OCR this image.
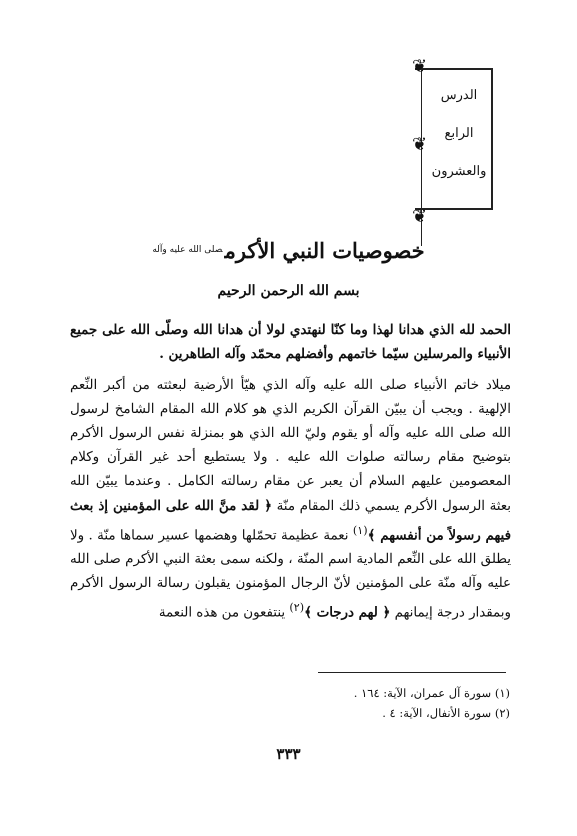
❦
❦
❦
الدرس
الرابع
والعشرون
خصوصيات النبي الأكرم$^{صلى الله عليه وآله}$
بسم الله الرحمن الرحيم

الحمد لله الذي هدانا لهذا وما كنّا لنهتدي لولا أن هدانا الله وصلّى الله على جميع الأنبياء والمرسلين سيّما خاتمهم وأفضلهم محمّد وآله الطاهرين .

ميلاد خاتم الأنبياء صلى الله عليه وآله الذي هيّأ الأرضية لبعثته من أكبر النِّعم الإلهية . ويجب أن يبيّن القرآن الكريم الذي هو كلام الله المقام الشامخ لرسول الله صلى الله عليه وآله أو يقوم وليّ الله الذي هو بمنزلة نفس الرسول الأكرم بتوضيح مقام رسالته صلوات الله عليه . ولا يستطيع أحد غير القرآن وكلام المعصومين عليهم السلام أن يعبر عن مقام رسالته الكامل . وعندما يبيّن الله بعثة الرسول الأكرم يسمي ذلك المقام منّة ﴿ لقد منَّ الله على المؤمنين إذ بعث فيهم رسولاً من أنفسهم ﴾$^{(١)}$ نعمة عظيمة تحمّلها وهضمها عسير سماها منّة . ولا يطلق الله على النِّعم المادية اسم المنّة ، ولكنه سمى بعثة النبي الأكرم صلى الله عليه وآله منّة على المؤمنين لأنّ الرجال المؤمنون يقبلون رسالة الرسول الأكرم وبمقدار درجة إيمانهم ﴿ لهم درجات ﴾$^{(٢)}$ ينتفعون من هذه النعمة

(١) سورة آل عمران، الآية: ١٦٤ .
(٢) سورة الأنفال، الآية: ٤ .
٣٣٣
